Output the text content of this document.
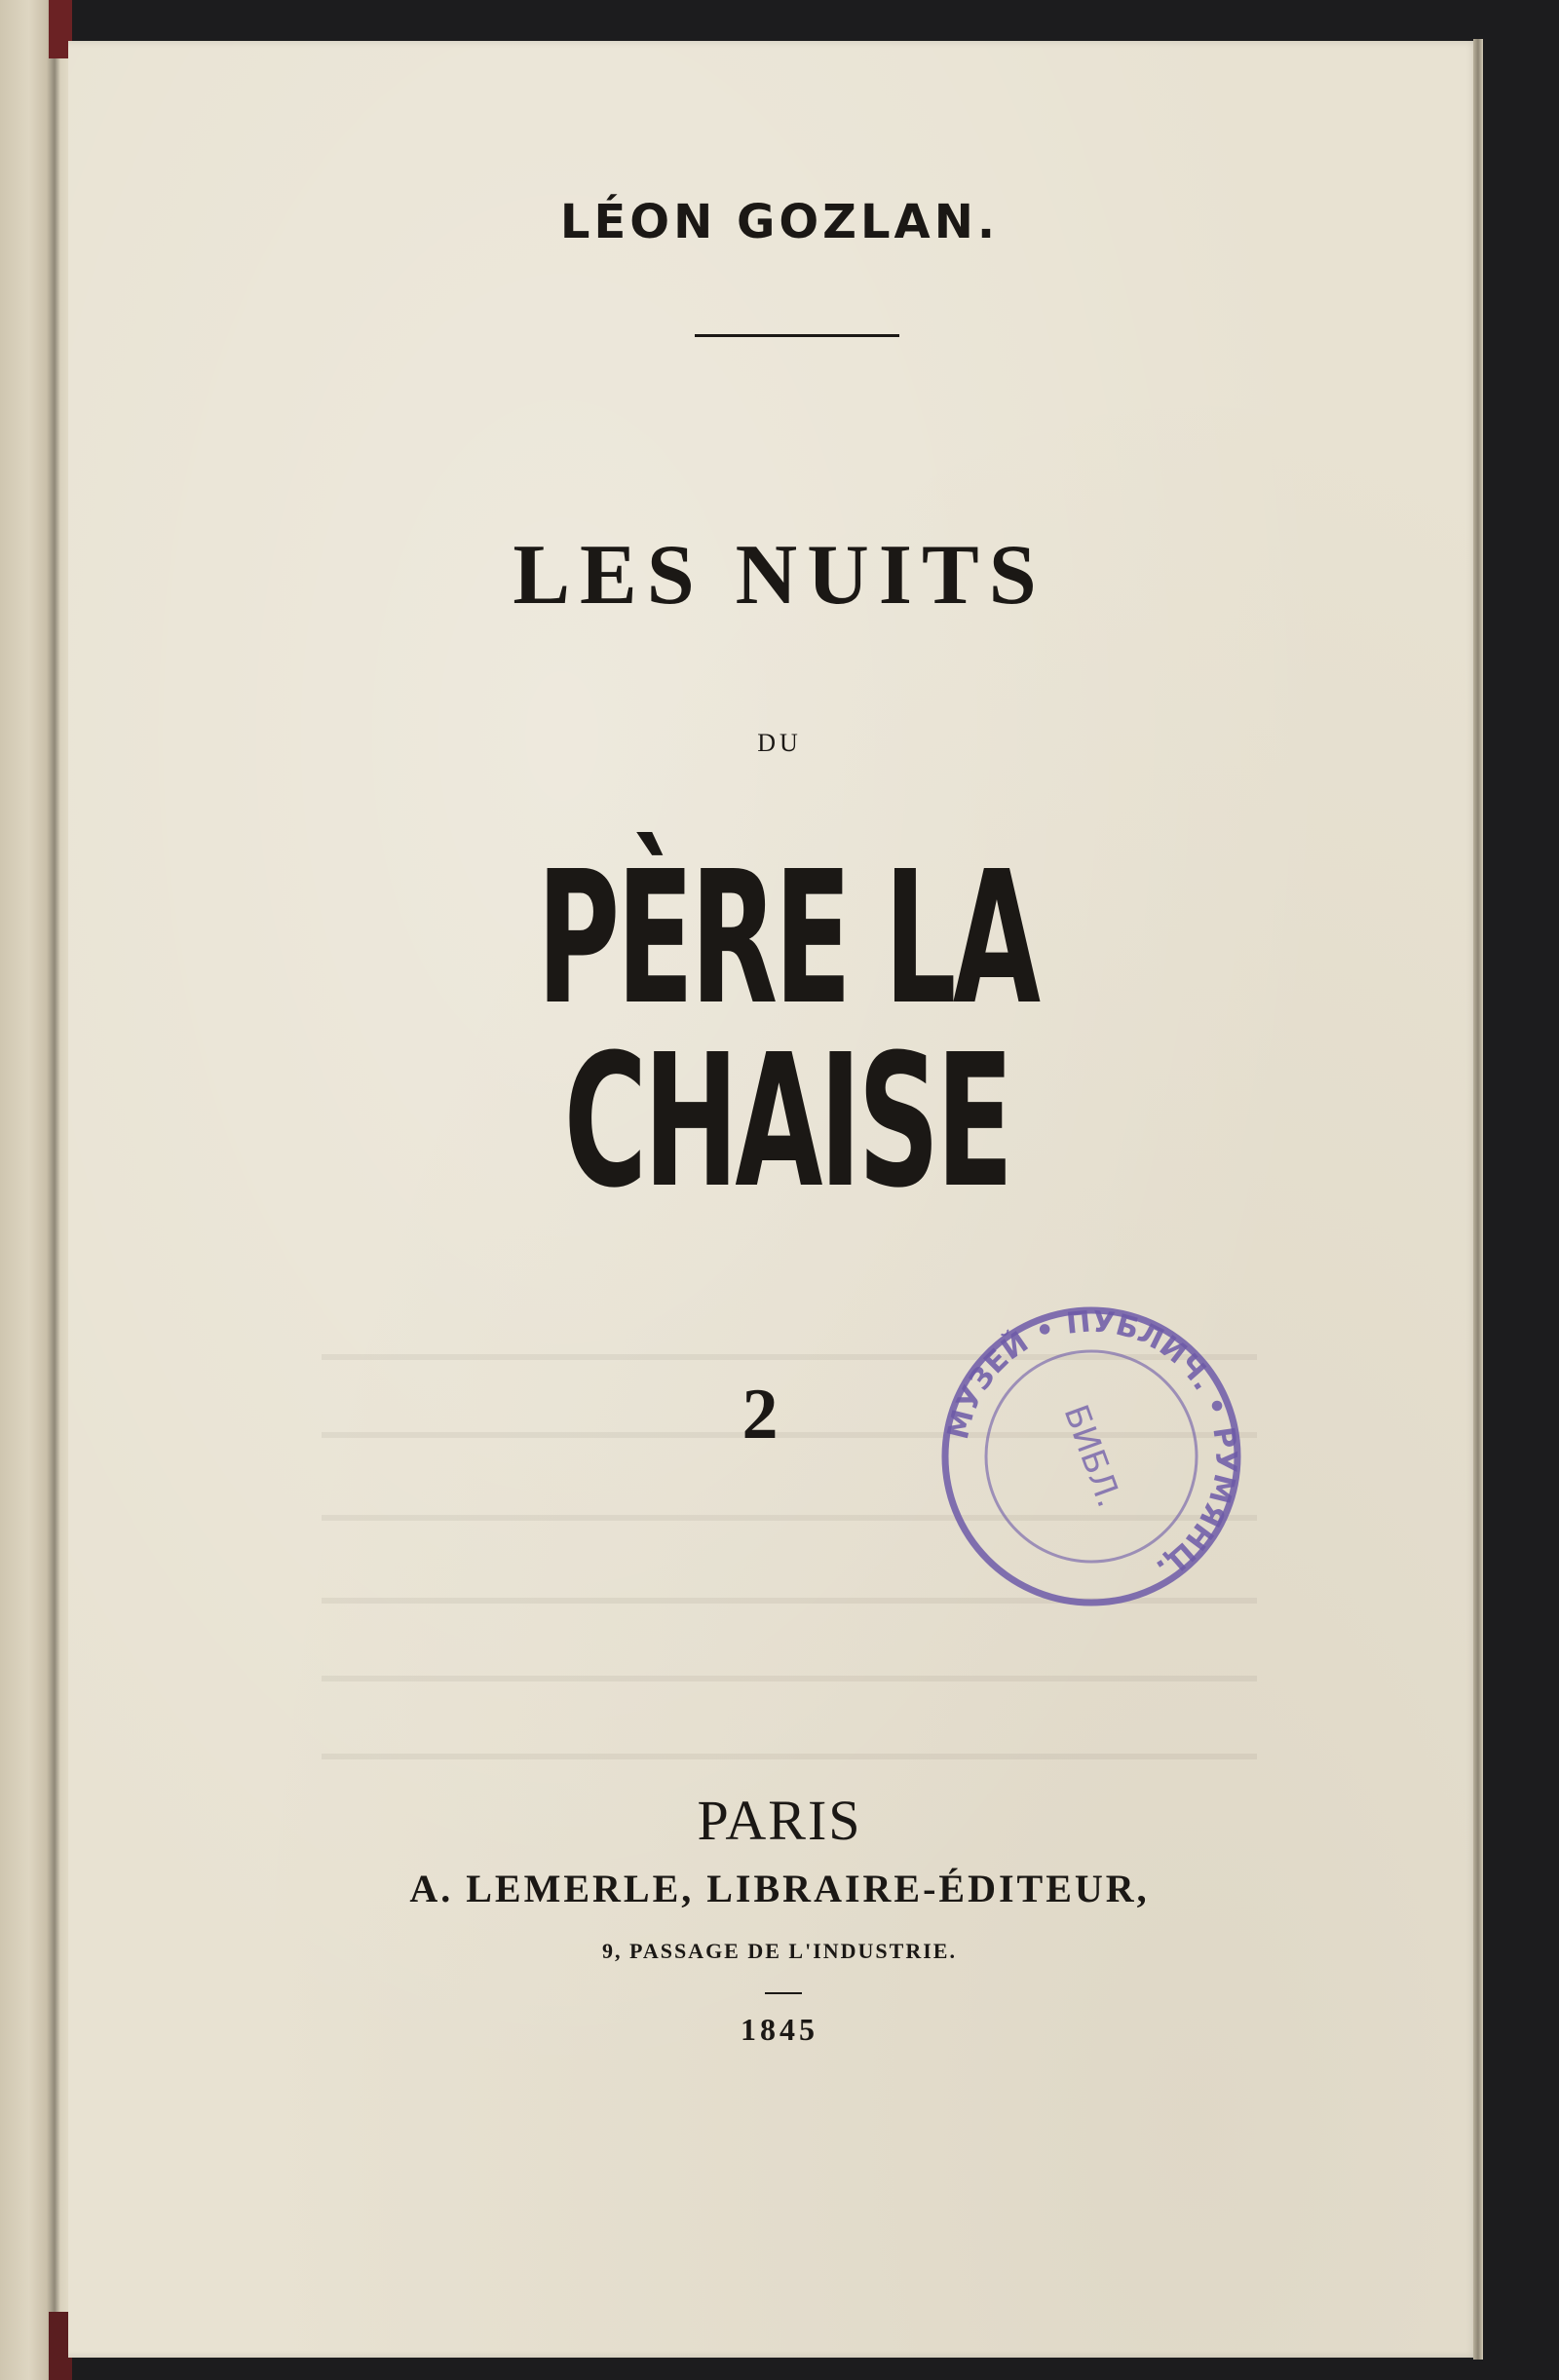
LÉON GOZLAN.
LES NUITS
DU
PÈRE LA CHAISE
2	МУЗЕЙ • ПУБЛИЧ. • РУМЯНЦ.
БИБЛ.
PARIS
A. LEMERLE, LIBRAIRE-ÉDITEUR,
9, PASSAGE DE L'INDUSTRIE.
1845
